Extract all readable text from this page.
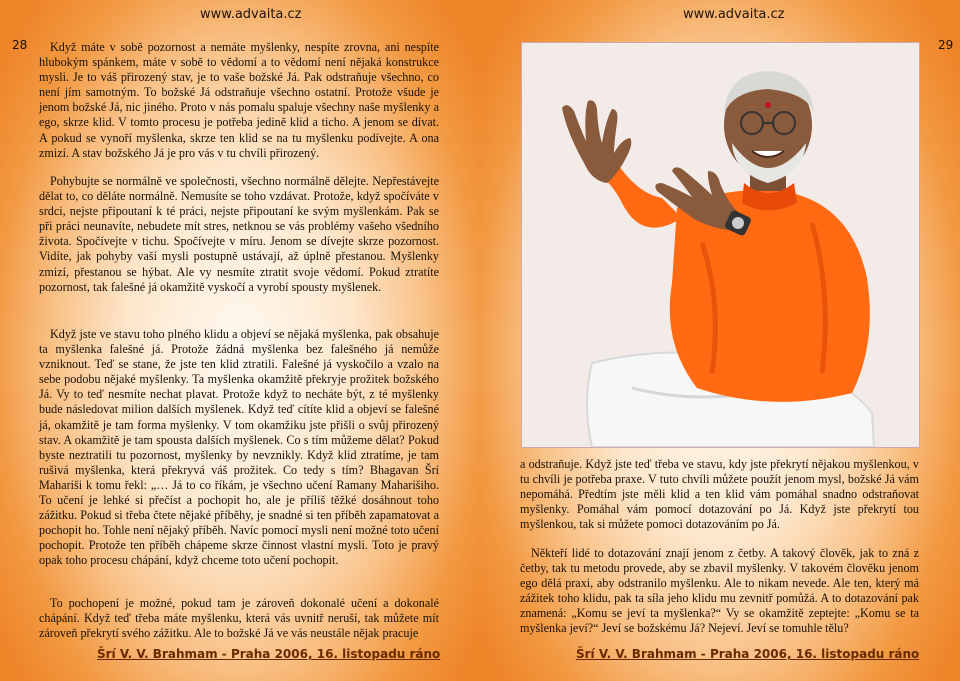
www.advaita.cz
28	Když máte v sobě pozornost a nemáte myšlenky, nespíte zrovna, ani nespíte hlubokým spánkem, máte v sobě to vědomí a to vědomí není nějaká konstrukce mysli. Je to váš přirozený stav, je to vaše božské Já. Pak odstraňuje všechno, co není jím samotným. To božské Já odstraňuje všechno ostatní. Protože všude je jenom božské Já, nic jiného. Proto v nás pomalu spaluje všechny naše myšlenky a ego, skrze klid. V tomto procesu je potřeba jedině klid a ticho. A jenom se dívat. A pokud se vynoří myšlenka, skrze ten klid se na tu myšlenku podívejte. A ona zmizí. A stav božského Já je pro vás v tu chvíli přirozený.

Pohybujte se normálně ve společnosti, všechno normálně dělejte. Nepřestávejte dělat to, co děláte normálně. Nemusíte se toho vzdávat. Protože, když spočíváte v srdci, nejste připoutaní k té práci, nejste připoutaní ke svým myšlenkám. Pak se při práci neunavíte, nebudete mít stres, netknou se vás problémy vašeho všedního života. Spočívejte v tichu. Spočívejte v míru. Jenom se dívejte skrze pozornost. Vidíte, jak pohyby vaší mysli postupně ustávají, až úplně přestanou. Myšlenky zmizí, přestanou se hýbat. Ale vy nesmíte ztratit svoje vědomí. Pokud ztratíte pozornost, tak falešné já okamžitě vyskočí a vyrobí spousty myšlenek.

Když jste ve stavu toho plného klidu a objeví se nějaká myšlenka, pak obsahuje ta myšlenka falešné já. Protože žádná myšlenka bez falešného já nemůže vzniknout. Teď se stane, že jste ten klid ztratili. Falešné já vyskočilo a vzalo na sebe podobu nějaké myšlenky. Ta myšlenka okamžitě překryje prožitek božského Já. Vy to teď nesmíte nechat plavat. Protože když to necháte být, z té myšlenky bude následovat milion dalších myšlenek. Když teď cítíte klid a objeví se falešné já, okamžitě je tam forma myšlenky. V tom okamžiku jste přišli o svůj přirozený stav. A okamžitě je tam spousta dalších myšlenek. Co s tím můžeme dělat? Pokud byste neztratili tu pozornost, myšlenky by nevznikly. Když klid ztratíme, je tam rušivá myšlenka, která překryvá váš prožitek. Co tedy s tím? Bhagavan Šrí Mahariši k tomu řekl: „… Já to co říkám, je všechno učení Ramany Maharišiho. To učení je lehké si přečíst a pochopit ho, ale je příliš těžké dosáhnout toho zážitku. Pokud si třeba čtete nějaké příběhy, je snadné si ten příběh zapamatovat a pochopit ho. Tohle není nějaký příběh. Navíc pomocí mysli není možné toto učení pochopit. Protože ten příběh chápeme skrze činnost vlastní mysli. Toto je pravý opak toho procesu chápání, když chceme toto učení pochopit.

To pochopení je možné, pokud tam je zároveň dokonalé učení a dokonalé chápání. Když teď třeba máte myšlenku, která vás uvnitř neruší, tak můžete mít zároveň překrytí svého zážitku. Ale to božské Já ve vás neustále nějak pracuje

Šrí V. V. Brahmam - Praha 2006, 16. listopadu ráno
www.advaita.cz
29

a odstraňuje. Když jste teď třeba ve stavu, kdy jste překrytí nějakou myšlenkou, v tu chvíli je potřeba praxe. V tuto chvíli můžete použít jenom mysl, božské Já vám nepomáhá. Předtím jste měli klid a ten klid vám pomáhal snadno odstraňovat myšlenky. Pomáhal vám pomocí dotazování po Já. Když jste překrytí tou myšlenkou, tak si můžete pomoci dotazováním po Já.

Někteří lidé to dotazování znají jenom z četby. A takový člověk, jak to zná z četby, tak tu metodu provede, aby se zbavil myšlenky. V takovém člověku jenom ego dělá praxi, aby odstranilo myšlenku. Ale to nikam nevede. Ale ten, který má zážitek toho klidu, pak ta síla jeho klidu mu zevnitř pomůžá. A to dotazování pak znamená: „Komu se jeví ta myšlenka?“ Vy se okamžitě zeptejte: „Komu se ta myšlenka jeví?“ Jeví se božskému Já? Nejeví. Jeví se tomuhle tělu?

Šrí V. V. Brahmam - Praha 2006, 16. listopadu ráno
